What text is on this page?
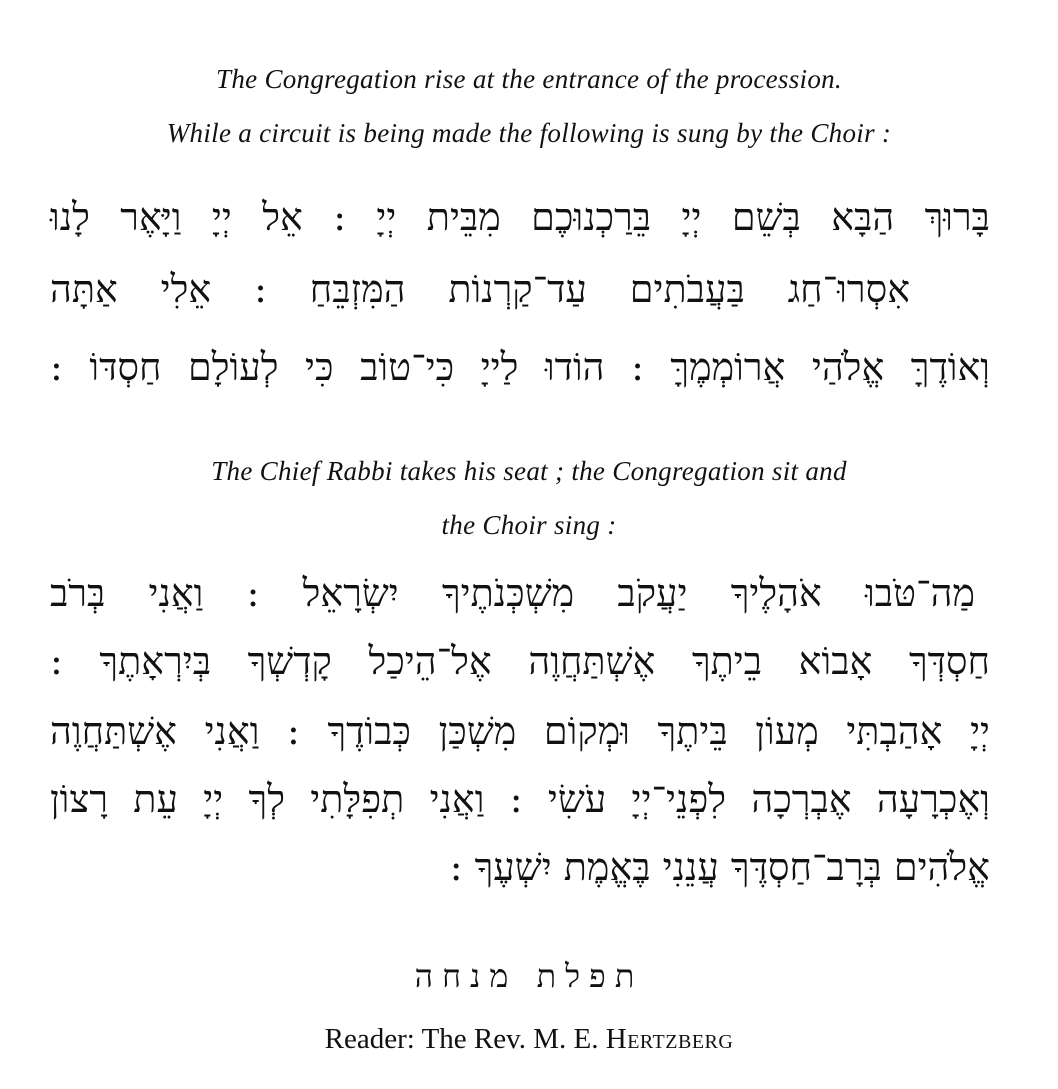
The Congregation rise at the entrance of the procession.
While a circuit is being made the following is sung by the Choir :
בָּרוּךְ הַבָּא בְּשֵׁם יְיָ בֵּרַכְנוּכֶם מִבֵּית יְיָ : אֵל יְיָ וַיָּאֶר לָנוּ
אִסְרוּ־חַג בַּעֲבֹתִים עַד־קַרְנוֹת הַמִּזְבֵּחַ : אֵלִי אַתָּה
וְאוֹדֶךָּ אֱלֹהַי אֲרוֹמְמֶךָּ : הוֹדוּ לַייָ כִּי־טוֹב כִּי לְעוֹלָם חַסְדּוֹ :
The Chief Rabbi takes his seat ; the Congregation sit and
the Choir sing :
מַה־טֹּבוּ אֹהָלֶיךָ יַעֲקֹב מִשְׁכְּנֹתֶיךָ יִשְׂרָאֵל : וַאֲנִי בְּרֹב
חַסְדְּךָ אָבוֹא בֵיתֶךָ אֶשְׁתַּחֲוֶה אֶל־הֵיכַל קָדְשְׁךָ בְּיִרְאָתֶךָ :
יְיָ אָהַבְתִּי מְעוֹן בֵּיתֶךָ וּמְקוֹם מִשְׁכַּן כְּבוֹדֶךָ : וַאֲנִי אֶשְׁתַּחֲוֶה
וְאֶכְרָעָה אֶבְרְכָה לִפְנֵי־יְיָ עֹשִׂי : וַאֲנִי תְפִלָּתִי לְךָ יְיָ עֵת רָצוֹן
אֱלֹהִים בְּרָב־חַסְדֶּךָ עֲנֵנִי בֶּאֱמֶת יִשְׁעֶךָ :
תפלת מנחה
Reader: The Rev. M. E. Hertzberg
